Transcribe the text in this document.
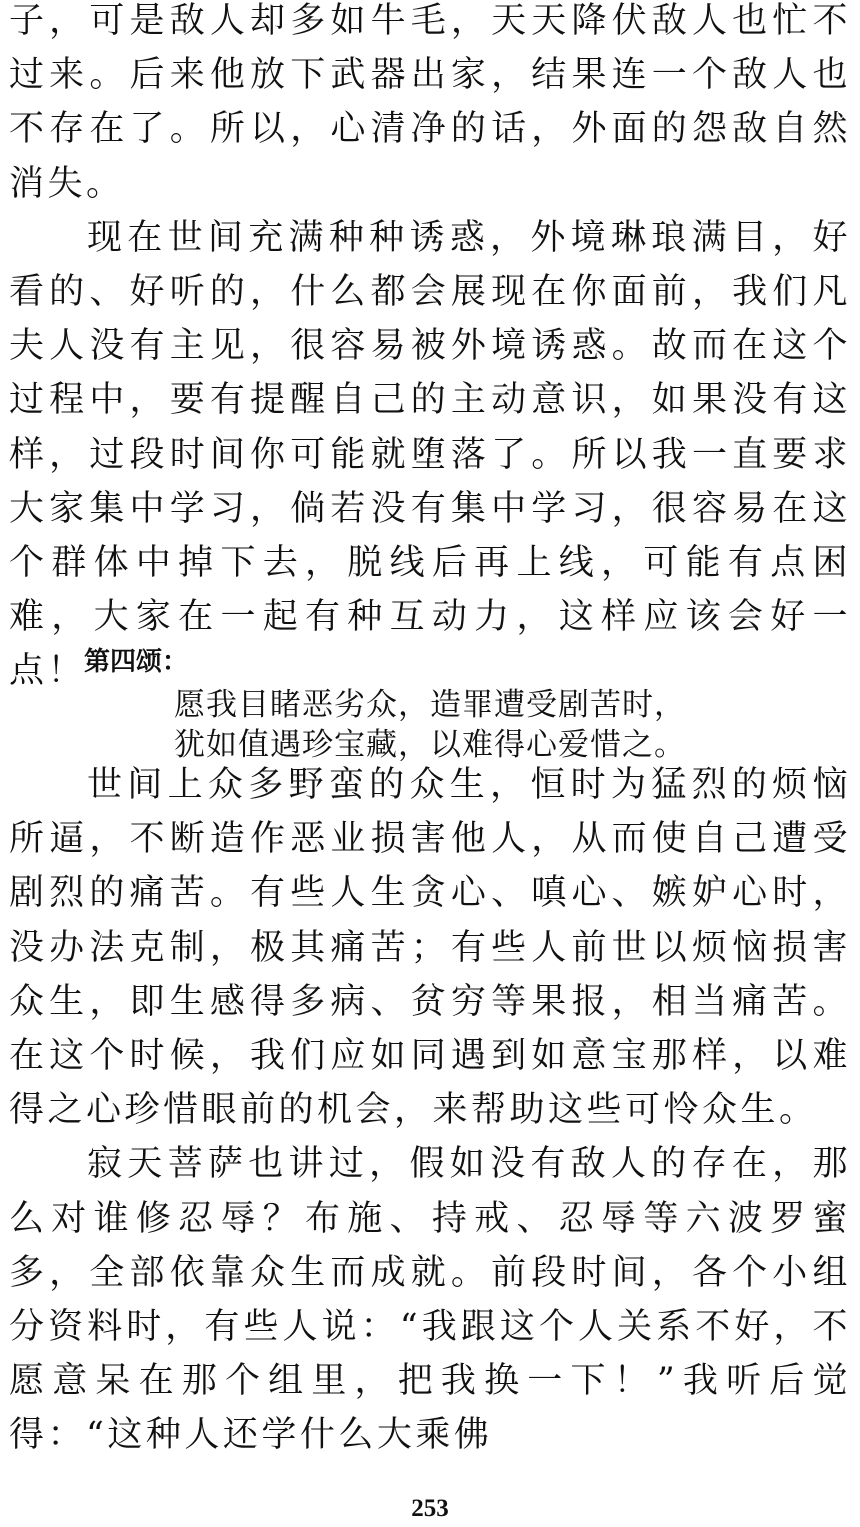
子，可是敌人却多如牛毛，天天降伏敌人也忙不过来。后来他放下武器出家，结果连一个敌人也不存在了。所以，心清净的话，外面的怨敌自然消失。

现在世间充满种种诱惑，外境琳琅满目，好看的、好听的，什么都会展现在你面前，我们凡夫人没有主见，很容易被外境诱惑。故而在这个过程中，要有提醒自己的主动意识，如果没有这样，过段时间你可能就堕落了。所以我一直要求大家集中学习，倘若没有集中学习，很容易在这个群体中掉下去，脱线后再上线，可能有点困难，大家在一起有种互动力，这样应该会好一点！

第四颂：

愿我目睹恶劣众，造罪遭受剧苦时，

犹如值遇珍宝藏，以难得心爱惜之。

世间上众多野蛮的众生，恒时为猛烈的烦恼所逼，不断造作恶业损害他人，从而使自己遭受剧烈的痛苦。有些人生贪心、嗔心、嫉妒心时，没办法克制，极其痛苦；有些人前世以烦恼损害众生，即生感得多病、贫穷等果报，相当痛苦。在这个时候，我们应如同遇到如意宝那样，以难得之心珍惜眼前的机会，来帮助这些可怜众生。

寂天菩萨也讲过，假如没有敌人的存在，那么对谁修忍辱？布施、持戒、忍辱等六波罗蜜多，全部依靠众生而成就。前段时间，各个小组分资料时，有些人说：“我跟这个人关系不好，不愿意呆在那个组里，把我换一下！”我听后觉得：“这种人还学什么大乘佛

253
